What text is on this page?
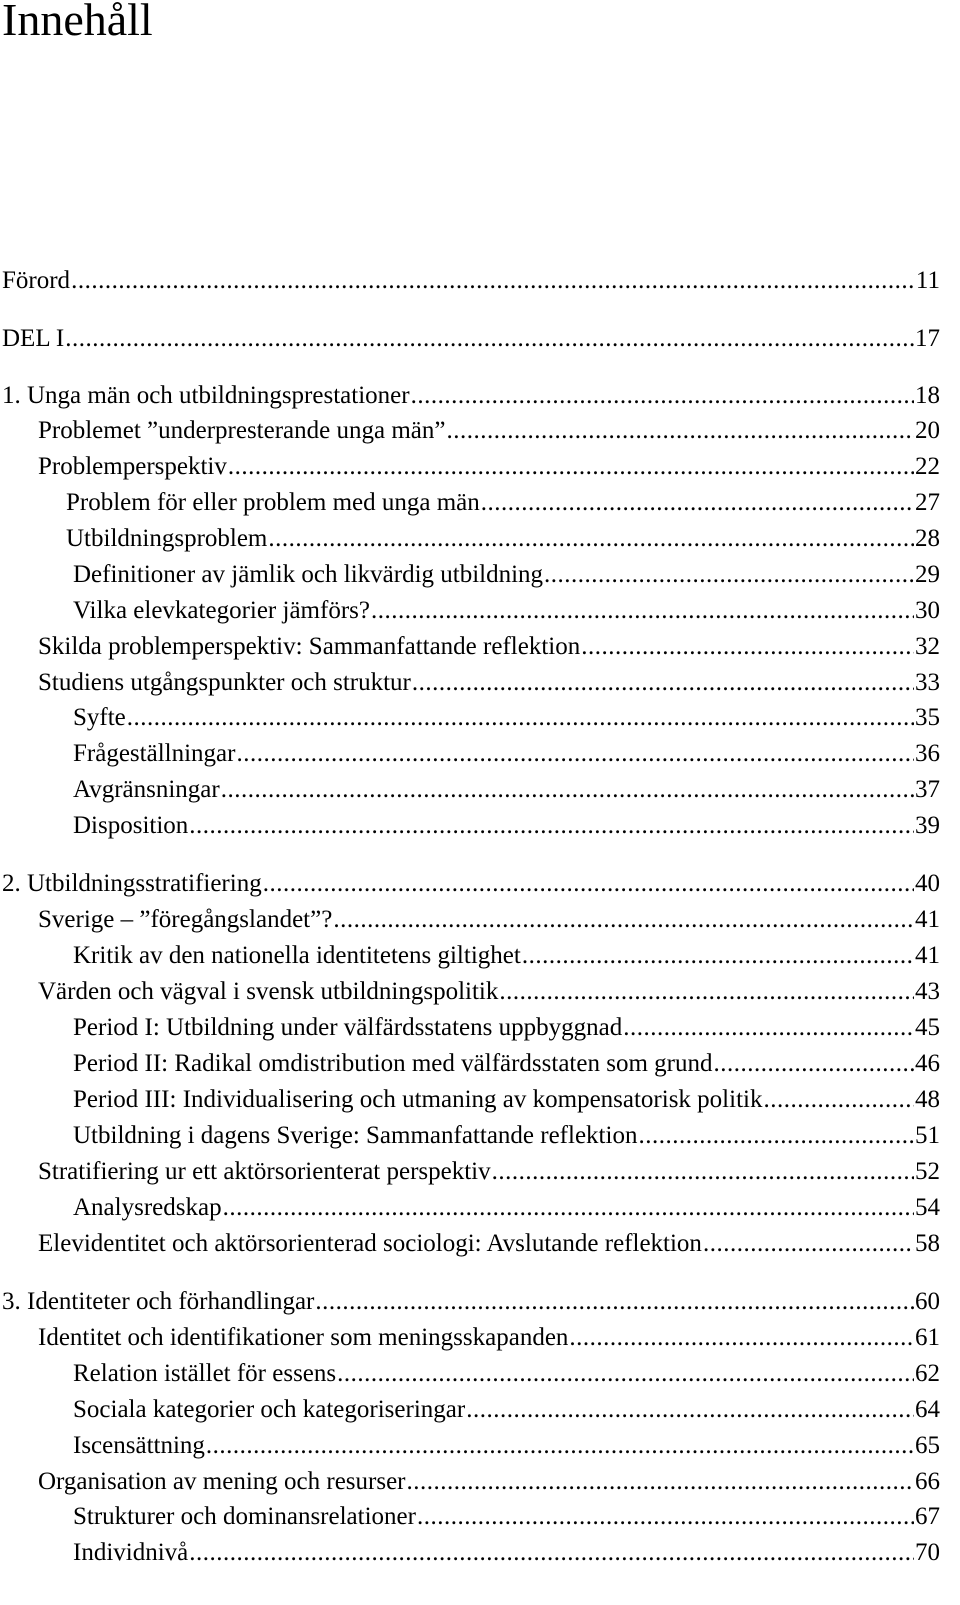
Innehåll
Förord .....	11
DEL I .....	17
1. Unga män och utbildningsprestationer .....	18
Problemet ”underpresterande unga män” .....	20
Problemperspektiv .....	22
Problem för eller problem med unga män .....	27
Utbildningsproblem .....	28
Definitioner av jämlik och likvärdig utbildning .....	29
Vilka elevkategorier jämförs? .....	30
Skilda problemperspektiv: Sammanfattande reflektion .....	32
Studiens utgångspunkter och struktur .....	33
Syfte .....	35
Frågeställningar .....	36
Avgränsningar .....	37
Disposition .....	39
2. Utbildningsstratifiering .....	40
Sverige – ”föregångslandet”? .....	41
Kritik av den nationella identitetens giltighet .....	41
Värden och vägval i svensk utbildningspolitik .....	43
Period I: Utbildning under välfärdsstatens uppbyggnad .....	45
Period II: Radikal omdistribution med välfärdsstaten som grund .....	46
Period III: Individualisering och utmaning av kompensatorisk politik .....	48
Utbildning i dagens Sverige: Sammanfattande reflektion .....	51
Stratifiering ur ett aktörsorienterat perspektiv .....	52
Analysredskap .....	54
Elevidentitet och aktörsorienterad sociologi: Avslutande reflektion .....	58
3. Identiteter och förhandlingar .....	60
Identitet och identifikationer som meningsskapanden .....	61
Relation istället för essens .....	62
Sociala kategorier och kategoriseringar .....	64
Iscensättning .....	65
Organisation av mening och resurser .....	66
Strukturer och dominansrelationer .....	67
Individnivå .....	70
